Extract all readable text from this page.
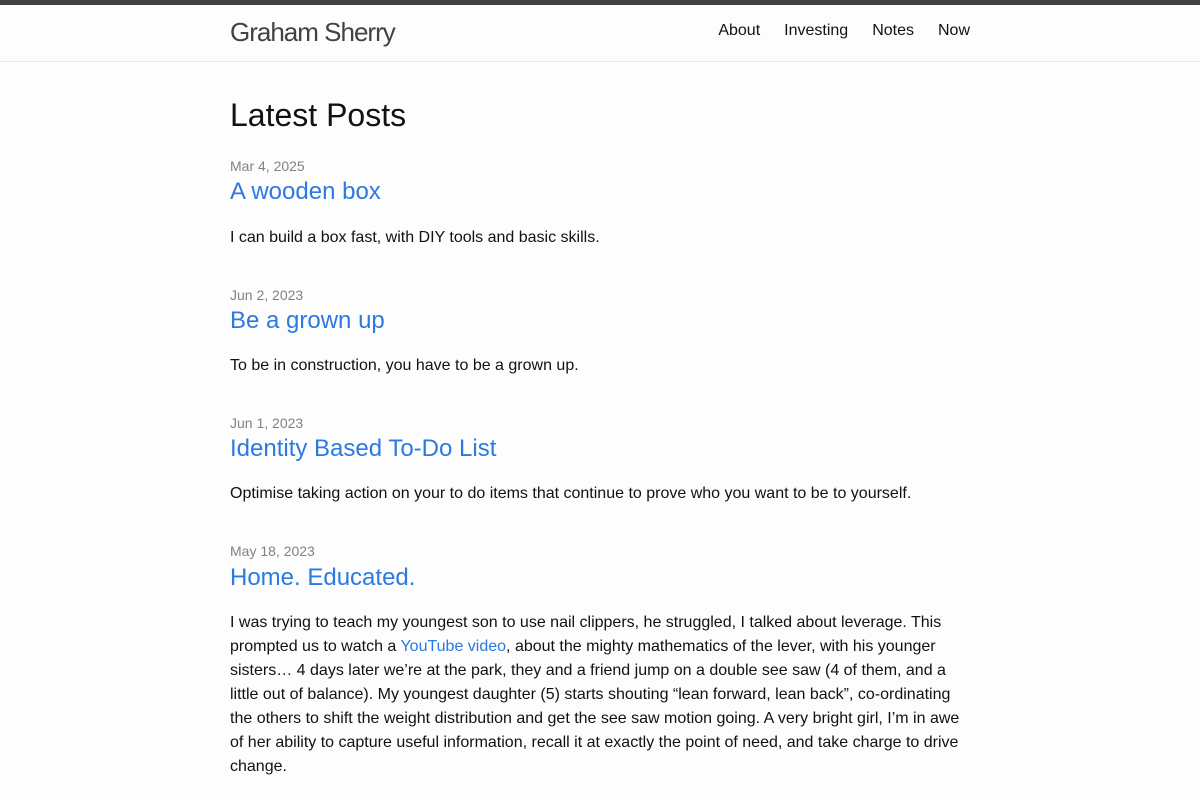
Graham Sherry	About Investing Notes Now
Latest Posts
Mar 4, 2025
A wooden box

I can build a box fast, with DIY tools and basic skills.

Jun 2, 2023
Be a grown up

To be in construction, you have to be a grown up.

Jun 1, 2023
Identity Based To-Do List

Optimise taking action on your to do items that continue to prove who you want to be to yourself.

May 18, 2023
Home. Educated.

I was trying to teach my youngest son to use nail clippers, he struggled, I talked about leverage. This prompted us to watch a YouTube video, about the mighty mathematics of the lever, with his younger sisters… 4 days later we’re at the park, they and a friend jump on a double see saw (4 of them, and a little out of balance). My youngest daughter (5) starts shouting “lean forward, lean back”, co-ordinating the others to shift the weight distribution and get the see saw motion going. A very bright girl, I’m in awe of her ability to capture useful information, recall it at exactly the point of need, and take charge to drive change.
